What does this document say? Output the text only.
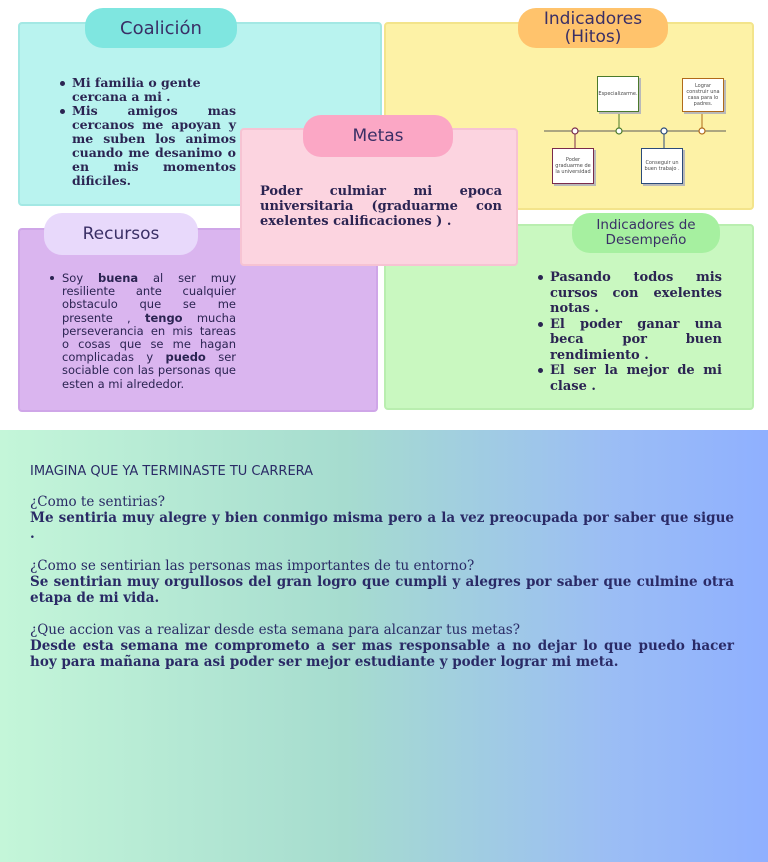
Mi familia o gente cercana a mi .
Mis amigos mas cercanos me apoyan y me suben los animos cuando me desanimo o en mis momentos dificiles.
Coalición	Indicadores
(Hitos)
Especializarme.
Lograr construir una casa para lo padres.
Poder graduarme de la universidad
Conseguir un buen trabajo .
Soy buena al ser muy resiliente ante cualquier obstaculo que se me presente , tengo mucha perseverancia en mis tareas o cosas que se me hagan complicadas y puedo ser sociable con las personas que esten a mi alrededor.
Recursos
Pasando todos mis cursos con exelentes notas .
El poder ganar una beca por buen rendimiento .
El ser la mejor de mi clase .
Indicadores de
Desempeño

Poder culmiar mi epoca universitaria (graduarme con exelentes calificaciones ) .

Metas

IMAGINA QUE YA TERMINASTE TU CARRERA

¿Como te sentirias?

Me sentiria muy alegre y bien conmigo misma pero a la vez preocupada por saber que sigue .

¿Como se sentirian las personas mas importantes de tu entorno?

Se sentirian muy orgullosos del gran logro que cumpli y alegres por saber que culmine otra etapa de mi vida.

¿Que accion vas a realizar desde esta semana para alcanzar tus metas?

Desde esta semana me comprometo a ser mas responsable a no dejar lo que puedo hacer hoy para mañana para asi poder ser mejor estudiante y poder lograr mi meta.
